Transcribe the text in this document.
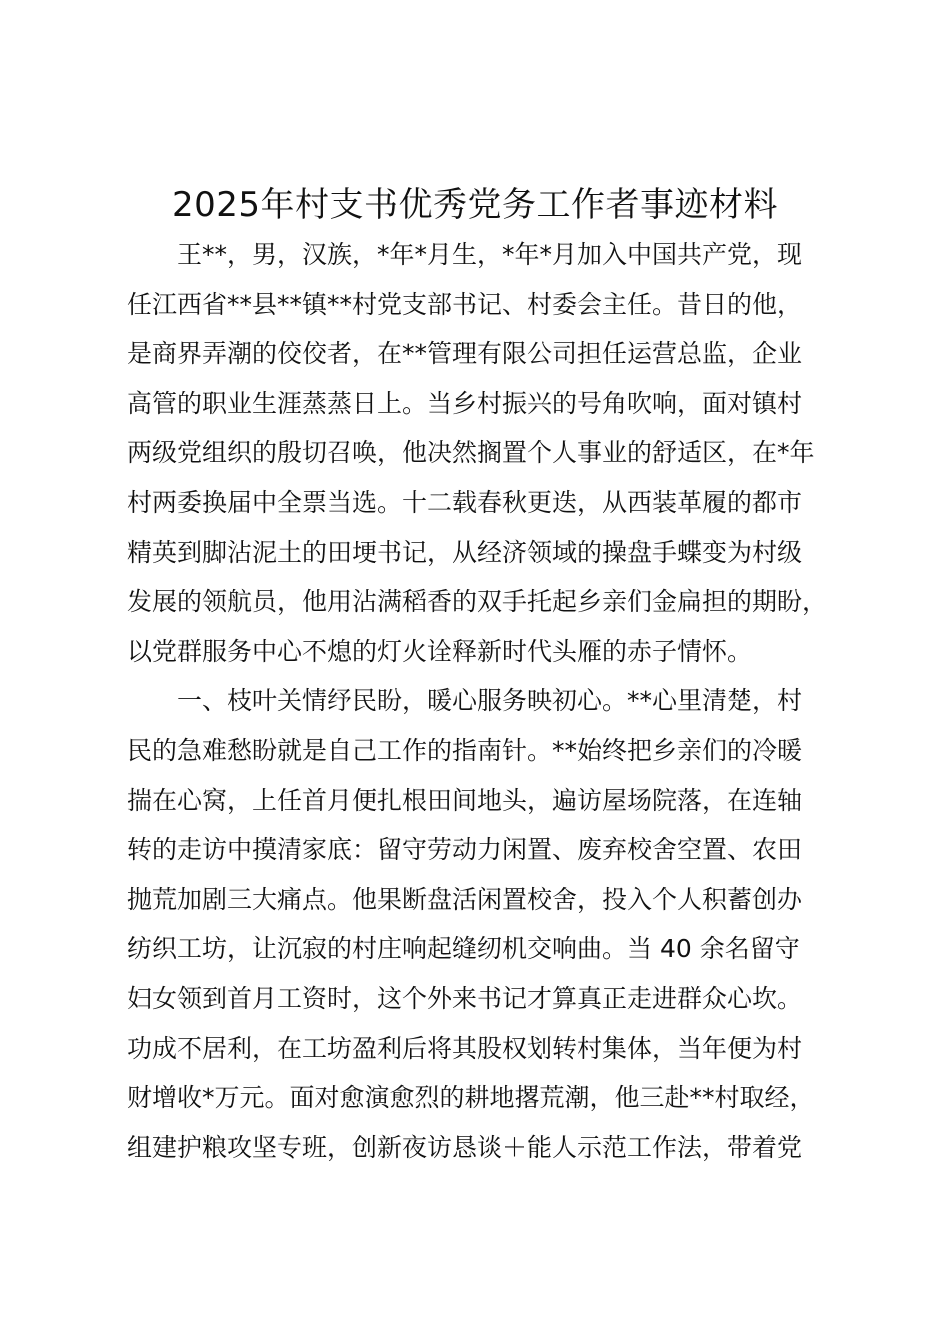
2025年村支书优秀党务工作者事迹材料
王**，男，汉族，*年*月生，*年*月加入中国共产党，现
任江西省**县**镇**村党支部书记、村委会主任。昔日的他，
是商界弄潮的佼佼者，在**管理有限公司担任运营总监，企业
高管的职业生涯蒸蒸日上。当乡村振兴的号角吹响，面对镇村
两级党组织的殷切召唤，他决然搁置个人事业的舒适区，在*年
村两委换届中全票当选。十二载春秋更迭，从西装革履的都市
精英到脚沾泥土的田埂书记，从经济领域的操盘手蝶变为村级
发展的领航员，他用沾满稻香的双手托起乡亲们金扁担的期盼，
以党群服务中心不熄的灯火诠释新时代头雁的赤子情怀。
一、枝叶关情纾民盼，暖心服务映初心。**心里清楚，村
民的急难愁盼就是自己工作的指南针。**始终把乡亲们的冷暖
揣在心窝，上任首月便扎根田间地头，遍访屋场院落，在连轴
转的走访中摸清家底：留守劳动力闲置、废弃校舍空置、农田
抛荒加剧三大痛点。他果断盘活闲置校舍，投入个人积蓄创办
纺织工坊，让沉寂的村庄响起缝纫机交响曲。当 40 余名留守
妇女领到首月工资时，这个外来书记才算真正走进群众心坎。
功成不居利，在工坊盈利后将其股权划转村集体，当年便为村
财增收*万元。面对愈演愈烈的耕地撂荒潮，他三赴**村取经，
组建护粮攻坚专班，创新夜访恳谈＋能人示范工作法，带着党
